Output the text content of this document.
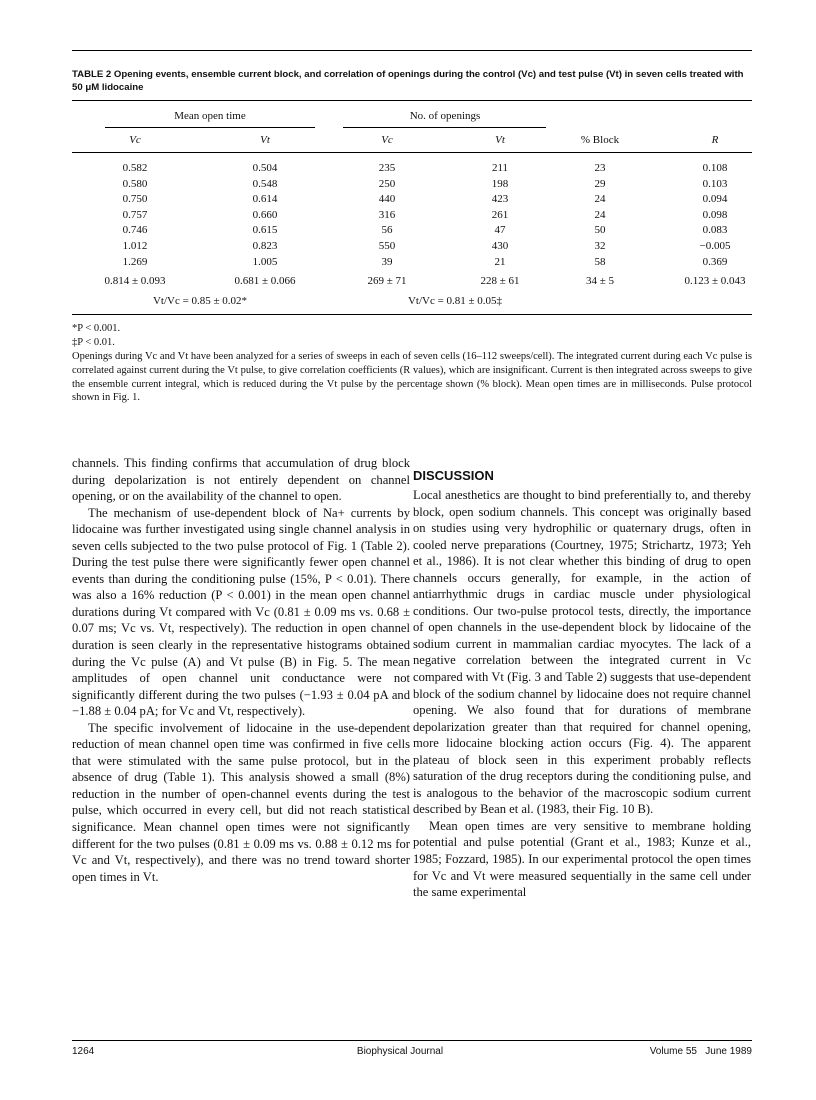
TABLE 2 Opening events, ensemble current block, and correlation of openings during the control (Vc) and test pulse (Vt) in seven cells treated with 50 μM lidocaine
Mean open time	No. of openings
Vc	Vt	Vc	Vt	% Block	R
0.582	0.504	235	211	23	0.108
0.580	0.548	250	198	29	0.103
0.750	0.614	440	423	24	0.094
0.757	0.660	316	261	24	0.098
0.746	0.615	56	47	50	0.083
1.012	0.823	550	430	32	−0.005
1.269	1.005	39	21	58	0.369
0.814 ± 0.093	0.681 ± 0.066	269 ± 71	228 ± 61	34 ± 5	0.123 ± 0.043
Vt/Vc = 0.85 ± 0.02*	Vt/Vc = 0.81 ± 0.05‡
*P < 0.001.
‡P < 0.01.
Openings during Vc and Vt have been analyzed for a series of sweeps in each of seven cells (16–112 sweeps/cell). The integrated current during each Vc pulse is correlated against current during the Vt pulse, to give correlation coefficients (R values), which are insignificant. Current is then integrated across sweeps to give the ensemble current integral, which is reduced during the Vt pulse by the percentage shown (% block). Mean open times are in milliseconds. Pulse protocol shown in Fig. 1.

channels. This finding confirms that accumulation of drug block during depolarization is not entirely dependent on channel opening, or on the availability of the channel to open.

The mechanism of use-dependent block of Na+ currents by lidocaine was further investigated using single channel analysis in seven cells subjected to the two pulse protocol of Fig. 1 (Table 2). During the test pulse there were significantly fewer open channel events than during the conditioning pulse (15%, P < 0.01). There was also a 16% reduction (P < 0.001) in the mean open channel durations during Vt compared with Vc (0.81 ± 0.09 ms vs. 0.68 ± 0.07 ms; Vc vs. Vt, respectively). The reduction in open channel duration is seen clearly in the representative histograms obtained during the Vc pulse (A) and Vt pulse (B) in Fig. 5. The mean amplitudes of open channel unit conductance were not significantly different during the two pulses (−1.93 ± 0.04 pA and −1.88 ± 0.04 pA; for Vc and Vt, respectively).

The specific involvement of lidocaine in the use-dependent reduction of mean channel open time was confirmed in five cells that were stimulated with the same pulse protocol, but in the absence of drug (Table 1). This analysis showed a small (8%) reduction in the number of open-channel events during the test pulse, which occurred in every cell, but did not reach statistical significance. Mean channel open times were not significantly different for the two pulses (0.81 ± 0.09 ms vs. 0.88 ± 0.12 ms for Vc and Vt, respectively), and there was no trend toward shorter open times in Vt.

DISCUSSION

Local anesthetics are thought to bind preferentially to, and thereby block, open sodium channels. This concept was originally based on studies using very hydrophilic or quaternary drugs, often in cooled nerve preparations (Courtney, 1975; Strichartz, 1973; Yeh et al., 1986). It is not clear whether this binding of drug to open channels occurs generally, for example, in the action of antiarrhythmic drugs in cardiac muscle under physiological conditions. Our two-pulse protocol tests, directly, the importance of open channels in the use-dependent block by lidocaine of the sodium current in mammalian cardiac myocytes. The lack of a negative correlation between the integrated current in Vc compared with Vt (Fig. 3 and Table 2) suggests that use-dependent block of the sodium channel by lidocaine does not require channel opening. We also found that for durations of membrane depolarization greater than that required for channel opening, more lidocaine blocking action occurs (Fig. 4). The apparent plateau of block seen in this experiment probably reflects saturation of the drug receptors during the conditioning pulse, and is analogous to the behavior of the macroscopic sodium current described by Bean et al. (1983, their Fig. 10 B).

Mean open times are very sensitive to membrane holding potential and pulse potential (Grant et al., 1983; Kunze et al., 1985; Fozzard, 1985). In our experimental protocol the open times for Vc and Vt were measured sequentially in the same cell under the same experimental

1264	Biophysical Journal	Volume 55   June 1989
